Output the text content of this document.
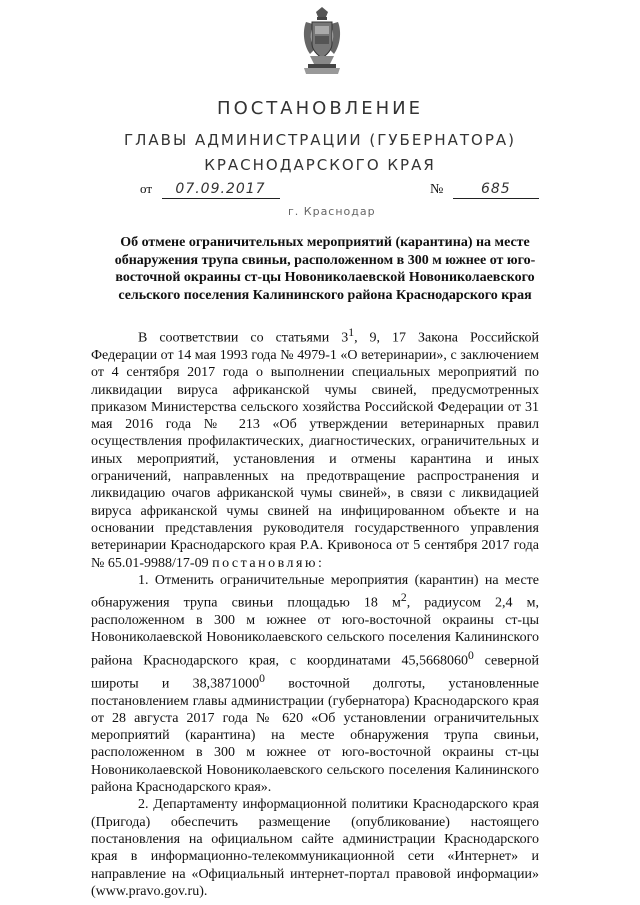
ПОСТАНОВЛЕНИЕ
ГЛАВЫ АДМИНИСТРАЦИИ (ГУБЕРНАТОРА)
КРАСНОДАРСКОГО КРАЯ
от 07.09.2017	№	685
г. Краснодар
Об отмене ограничительных мероприятий (карантина) на месте обнаружения трупа свиньи, расположенном в 300 м южнее от юго-восточной окраины ст-цы Новониколаевской Новониколаевского сельского поселения Калининского района Краснодарского края

В соответствии со статьями $3^1$, 9, 17 Закона Российской Федерации от 14 мая 1993 года № 4979-1 «О ветеринарии», с заключением от 4 сентября 2017 года о выполнении специальных мероприятий по ликвидации вируса африканской чумы свиней, предусмотренных приказом Министерства сельского хозяйства Российской Федерации от 31 мая 2016 года № 213 «Об утверждении ветеринарных правил осуществления профилактических, диагностических, ограничительных и иных мероприятий, установления и отмены карантина и иных ограничений, направленных на предотвращение распространения и ликвидацию очагов африканской чумы свиней», в связи с ликвидацией вируса африканской чумы свиней на инфицированном объекте и на основании представления руководителя государственного управления ветеринарии Краснодарского края Р.А. Кривоноса от 5 сентября 2017 года № 65.01-9988/17-09 постановляю:

1. Отменить ограничительные мероприятия (карантин) на месте обнаружения трупа свиньи площадью 18 $м^2$, радиусом 2,4 м, расположенном в 300 м южнее от юго-восточной окраины ст-цы Новониколаевской Новониколаевского сельского поселения Калининского района Краснодарского края, с координатами 45,5668060$^0$ северной широты и 38,3871000$^0$ восточной долготы, установленные постановлением главы администрации (губернатора) Краснодарского края от 28 августа 2017 года № 620 «Об установлении ограничительных мероприятий (карантина) на месте обнаружения трупа свиньи, расположенном в 300 м южнее от юго-восточной окраины ст-цы Новониколаевской Новониколаевского сельского поселения Калининского района Краснодарского края».

2. Департаменту информационной политики Краснодарского края (Пригода) обеспечить размещение (опубликование) настоящего постановления на официальном сайте администрации Краснодарского края в информационно-телекоммуникационной сети «Интернет» и направление на «Официальный интернет-портал правовой информации» (www.pravo.gov.ru).
